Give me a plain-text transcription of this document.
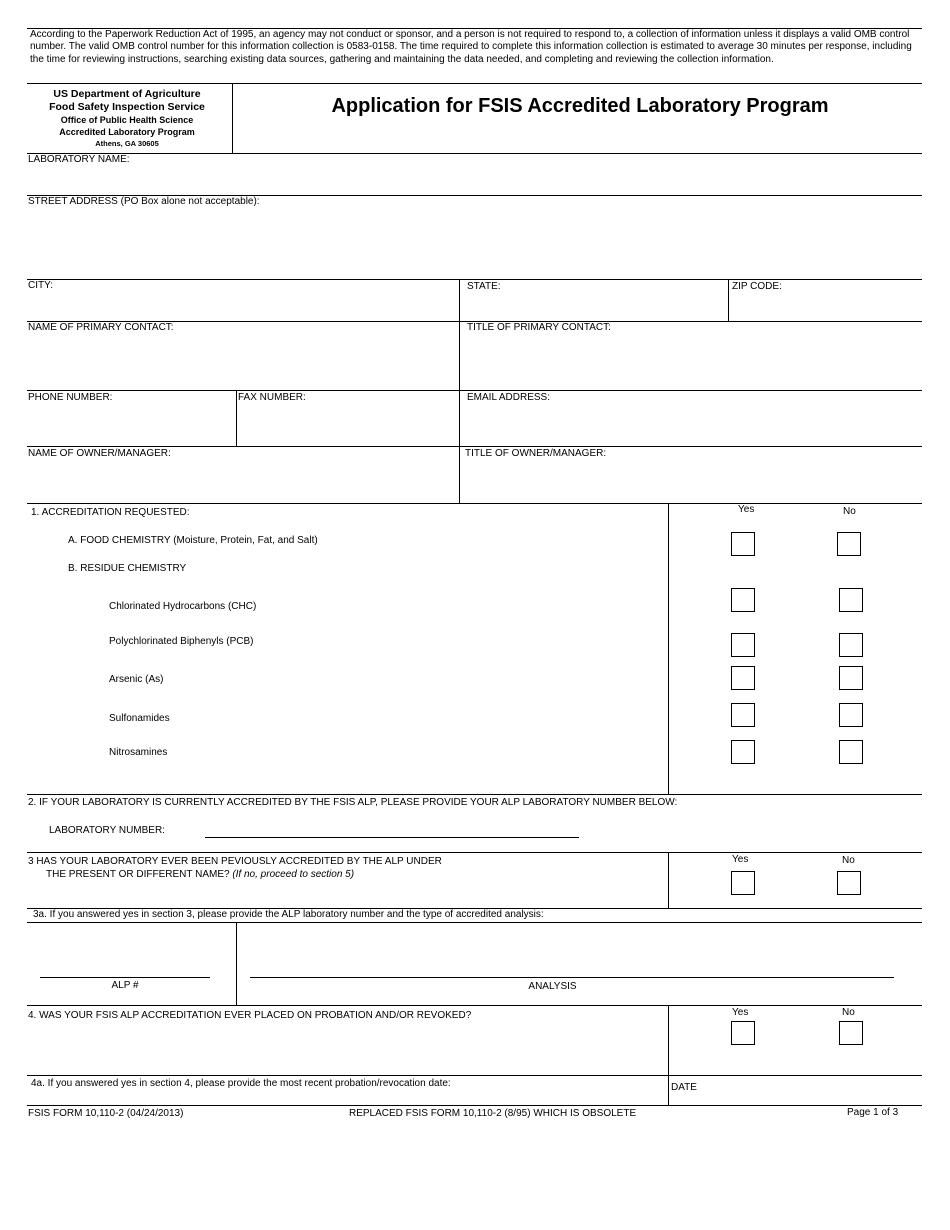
According to the Paperwork Reduction Act of 1995, an agency may not conduct or sponsor, and a person is not required to respond to, a collection of information unless it displays a valid OMB control number. The valid OMB control number for this information collection is 0583-0158. The time required to complete this information collection is estimated to average 30 minutes per response, including the time for reviewing instructions, searching existing data sources, gathering and maintaining the data needed, and completing and reviewing the collection information.
US Department of Agriculture
Food Safety Inspection Service
Office of Public Health Science
Accredited Laboratory Program
Athens, GA 30605
Application for FSIS Accredited Laboratory Program
LABORATORY NAME:
STREET ADDRESS (PO Box alone not acceptable):
CITY:	STATE:	ZIP CODE:
NAME OF PRIMARY CONTACT:	TITLE OF PRIMARY CONTACT:
PHONE NUMBER:	FAX NUMBER:	EMAIL ADDRESS:
NAME OF OWNER/MANAGER:	TITLE OF OWNER/MANAGER:
1. ACCREDITATION REQUESTED:	Yes	No
A. FOOD CHEMISTRY (Moisture, Protein, Fat, and Salt)
B. RESIDUE CHEMISTRY
Chlorinated Hydrocarbons (CHC)
Polychlorinated Biphenyls (PCB)
Arsenic (As)
Sulfonamides
Nitrosamines
2. IF YOUR LABORATORY IS CURRENTLY ACCREDITED BY THE FSIS ALP, PLEASE PROVIDE YOUR ALP LABORATORY NUMBER BELOW:
LABORATORY NUMBER:
3 HAS YOUR LABORATORY EVER BEEN PEVIOUSLY ACCREDITED BY THE ALP UNDER
THE PRESENT OR DIFFERENT NAME? (If no, proceed to section 5)
Yes	No
3a. If you answered yes in section 3, please provide the ALP laboratory number and the type of accredited analysis:
ALP #	ANALYSIS
4. WAS YOUR FSIS ALP ACCREDITATION EVER PLACED ON PROBATION AND/OR REVOKED?	Yes	No
4a. If you answered yes in section 4, please provide the most recent probation/revocation date:	DATE
FSIS FORM 10,110-2 (04/24/2013)	REPLACED FSIS FORM 10,110-2 (8/95) WHICH IS OBSOLETE	Page 1 of 3
